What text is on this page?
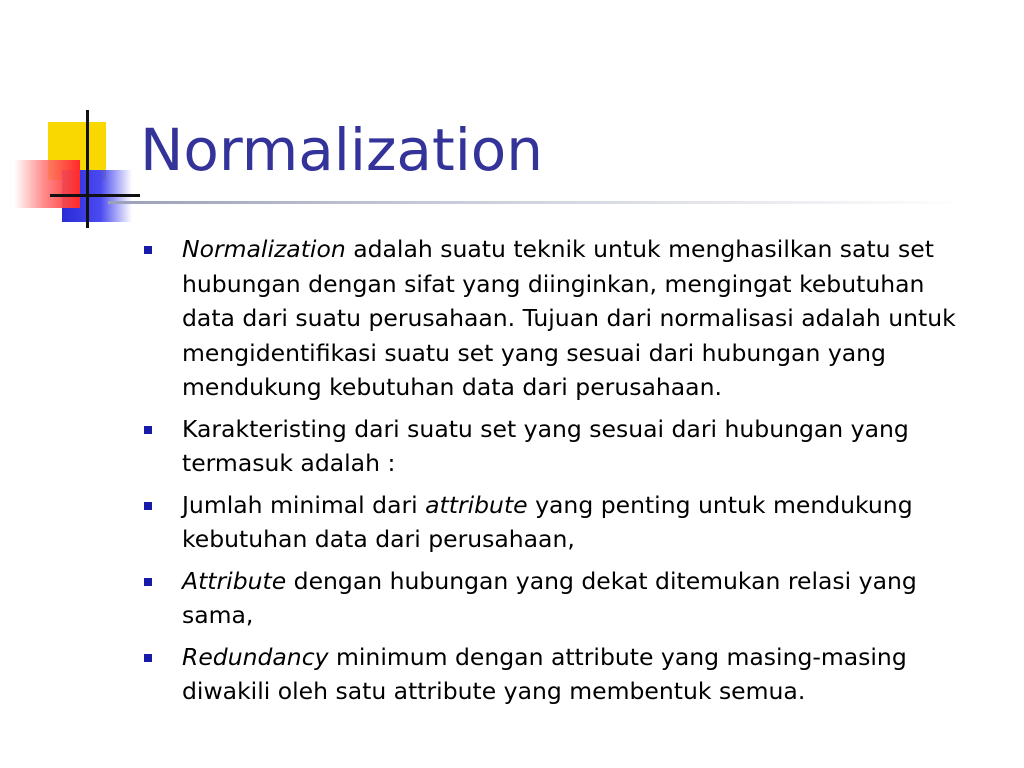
Normalization
Normalization adalah suatu teknik untuk menghasilkan satu set hubungan dengan sifat yang diinginkan, mengingat kebutuhan data dari suatu perusahaan. Tujuan dari normalisasi adalah untuk mengidentifikasi suatu set yang sesuai dari hubungan yang mendukung kebutuhan data dari perusahaan.
Karakteristing dari suatu set yang sesuai dari hubungan yang termasuk adalah :
Jumlah minimal dari attribute yang penting untuk mendukung kebutuhan data dari perusahaan,
Attribute dengan hubungan yang dekat ditemukan relasi yang sama,
Redundancy minimum dengan attribute yang masing-masing diwakili oleh satu attribute yang membentuk semua.
